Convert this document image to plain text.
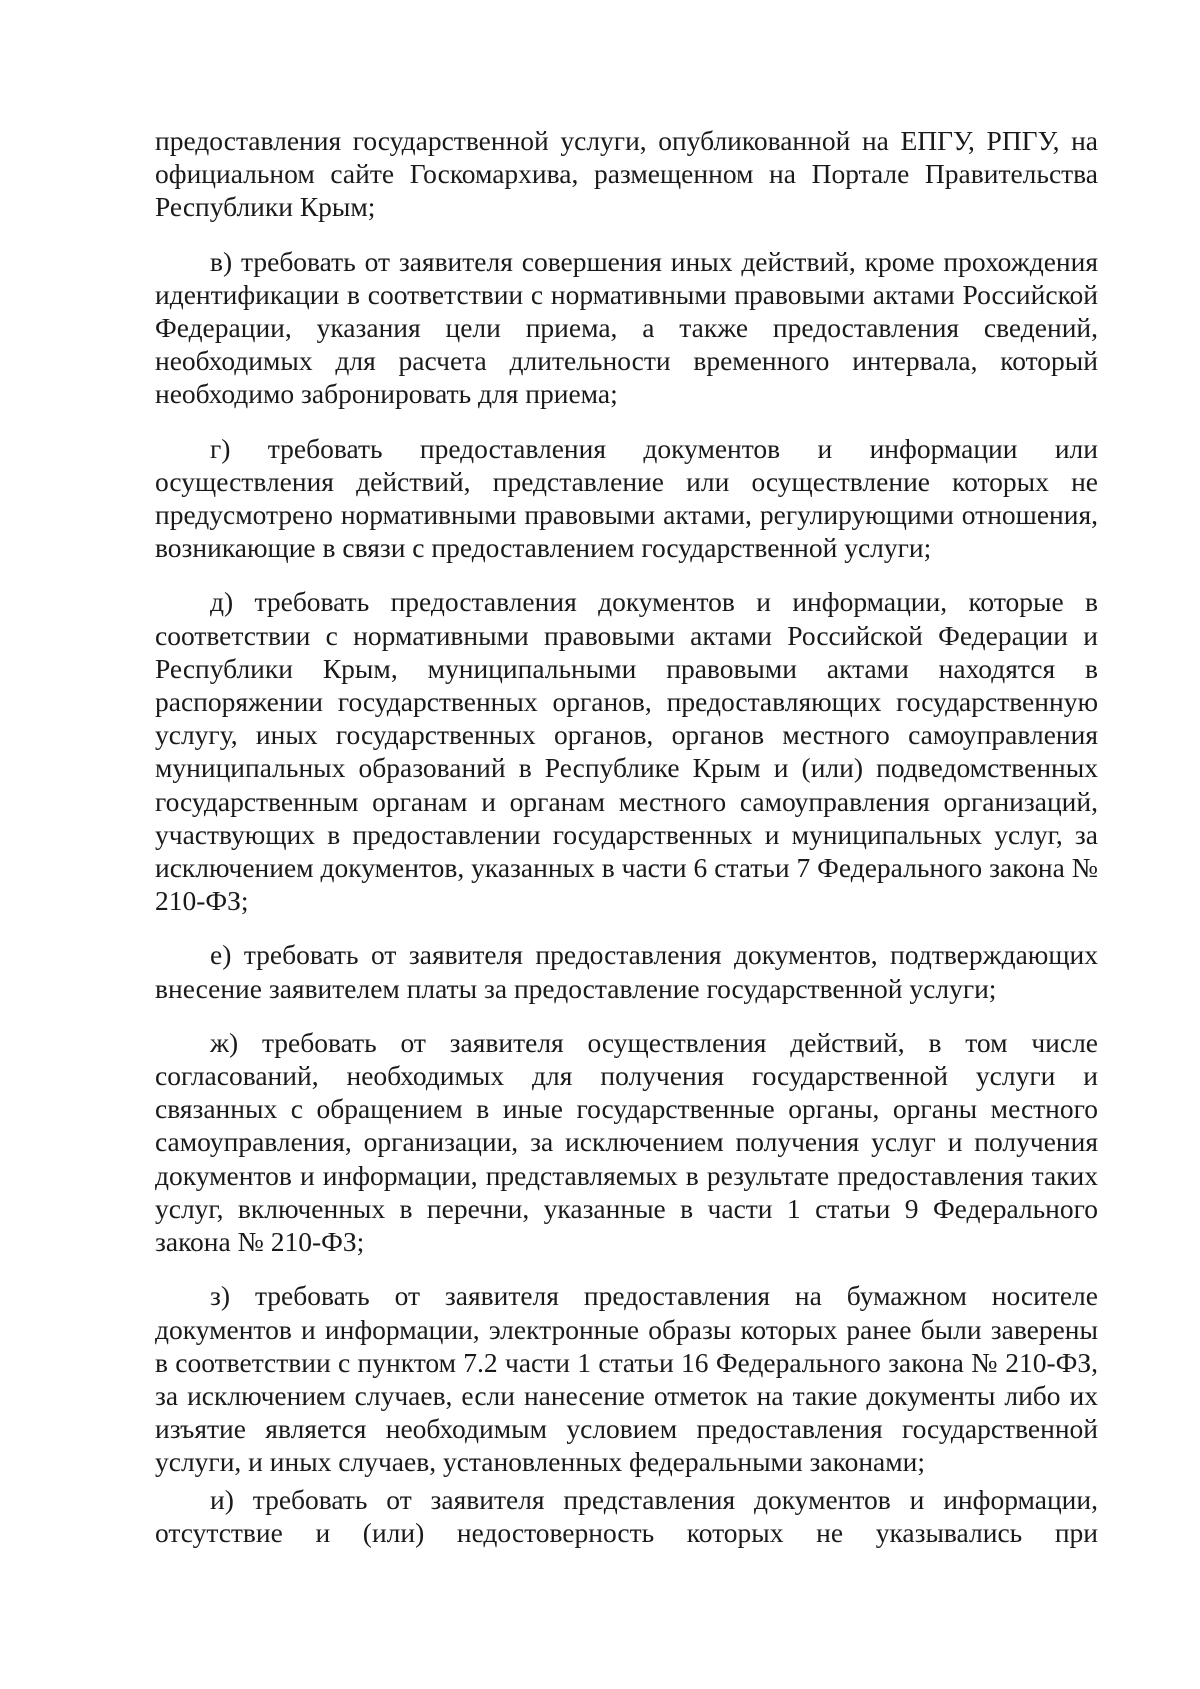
предоставления государственной услуги, опубликованной на ЕПГУ, РПГУ, на официальном сайте Госкомархива, размещенном на Портале Правительства Республики Крым;

в) требовать от заявителя совершения иных действий, кроме прохождения идентификации в соответствии с нормативными правовыми актами Российской Федерации, указания цели приема, а также предоставления сведений, необходимых для расчета длительности временного интервала, который необходимо забронировать для приема;

г) требовать предоставления документов и информации или осуществления действий, представление или осуществление которых не предусмотрено нормативными правовыми актами, регулирующими отношения, возникающие в связи с предоставлением государственной услуги;

д) требовать предоставления документов и информации, которые в соответствии с нормативными правовыми актами Российской Федерации и Республики Крым, муниципальными правовыми актами находятся в распоряжении государственных органов, предоставляющих государственную услугу, иных государственных органов, органов местного самоуправления муниципальных образований в Республике Крым и (или) подведомственных государственным органам и органам местного самоуправления организаций, участвующих в предоставлении государственных и муниципальных услуг, за исключением документов, указанных в части 6 статьи 7 Федерального закона № 210-ФЗ;

е) требовать от заявителя предоставления документов, подтверждающих внесение заявителем платы за предоставление государственной услуги;

ж) требовать от заявителя осуществления действий, в том числе согласований, необходимых для получения государственной услуги и связанных с обращением в иные государственные органы, органы местного самоуправления, организации, за исключением получения услуг и получения документов и информации, представляемых в результате предоставления таких услуг, включенных в перечни, указанные в части 1 статьи 9 Федерального закона № 210-ФЗ;

з) требовать от заявителя предоставления на бумажном носителе документов и информации, электронные образы которых ранее были заверены в соответствии с пунктом 7.2 части 1 статьи 16 Федерального закона № 210-ФЗ, за исключением случаев, если нанесение отметок на такие документы либо их изъятие является необходимым условием предоставления государственной услуги, и иных случаев, установленных федеральными законами;

и) требовать от заявителя представления документов и информации, отсутствие и (или) недостоверность которых не указывались при
